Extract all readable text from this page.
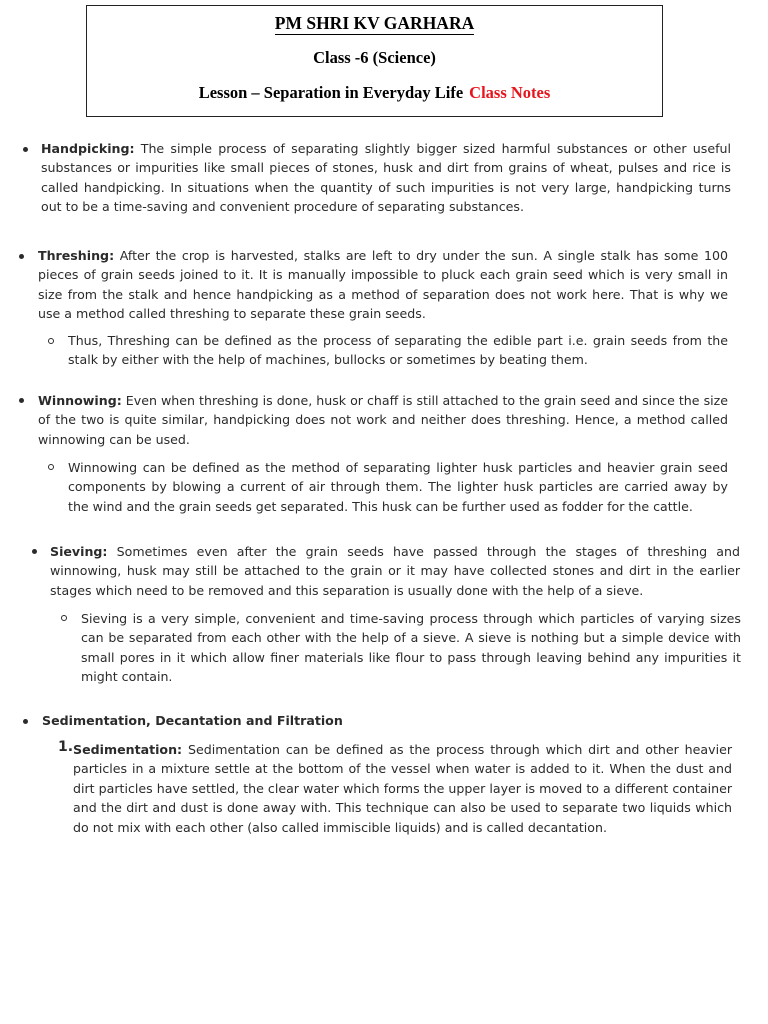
PM SHRI KV GARHARA
Class -6 (Science)
Lesson – Separation in Everyday Life Class Notes
Handpicking: The simple process of separating slightly bigger sized harmful substances or other useful substances or impurities like small pieces of stones, husk and dirt from grains of wheat, pulses and rice is called handpicking. In situations when the quantity of such impurities is not very large, handpicking turns out to be a time-saving and convenient procedure of separating substances.
Threshing: After the crop is harvested, stalks are left to dry under the sun. A single stalk has some 100 pieces of grain seeds joined to it. It is manually impossible to pluck each grain seed which is very small in size from the stalk and hence handpicking as a method of separation does not work here. That is why we use a method called threshing to separate these grain seeds.
Thus, Threshing can be defined as the process of separating the edible part i.e. grain seeds from the stalk by either with the help of machines, bullocks or sometimes by beating them.
Winnowing: Even when threshing is done, husk or chaff is still attached to the grain seed and since the size of the two is quite similar, handpicking does not work and neither does threshing. Hence, a method called winnowing can be used.
Winnowing can be defined as the method of separating lighter husk particles and heavier grain seed components by blowing a current of air through them. The lighter husk particles are carried away by the wind and the grain seeds get separated. This husk can be further used as fodder for the cattle.
Sieving: Sometimes even after the grain seeds have passed through the stages of threshing and winnowing, husk may still be attached to the grain or it may have collected stones and dirt in the earlier stages which need to be removed and this separation is usually done with the help of a sieve.
Sieving is a very simple, convenient and time-saving process through which particles of varying sizes can be separated from each other with the help of a sieve. A sieve is nothing but a simple device with small pores in it which allow finer materials like flour to pass through leaving behind any impurities it might contain.
Sedimentation, Decantation and Filtration
1. Sedimentation: Sedimentation can be defined as the process through which dirt and other heavier particles in a mixture settle at the bottom of the vessel when water is added to it. When the dust and dirt particles have settled, the clear water which forms the upper layer is moved to a different container and the dirt and dust is done away with. This technique can also be used to separate two liquids which do not mix with each other (also called immiscible liquids) and is called decantation.
